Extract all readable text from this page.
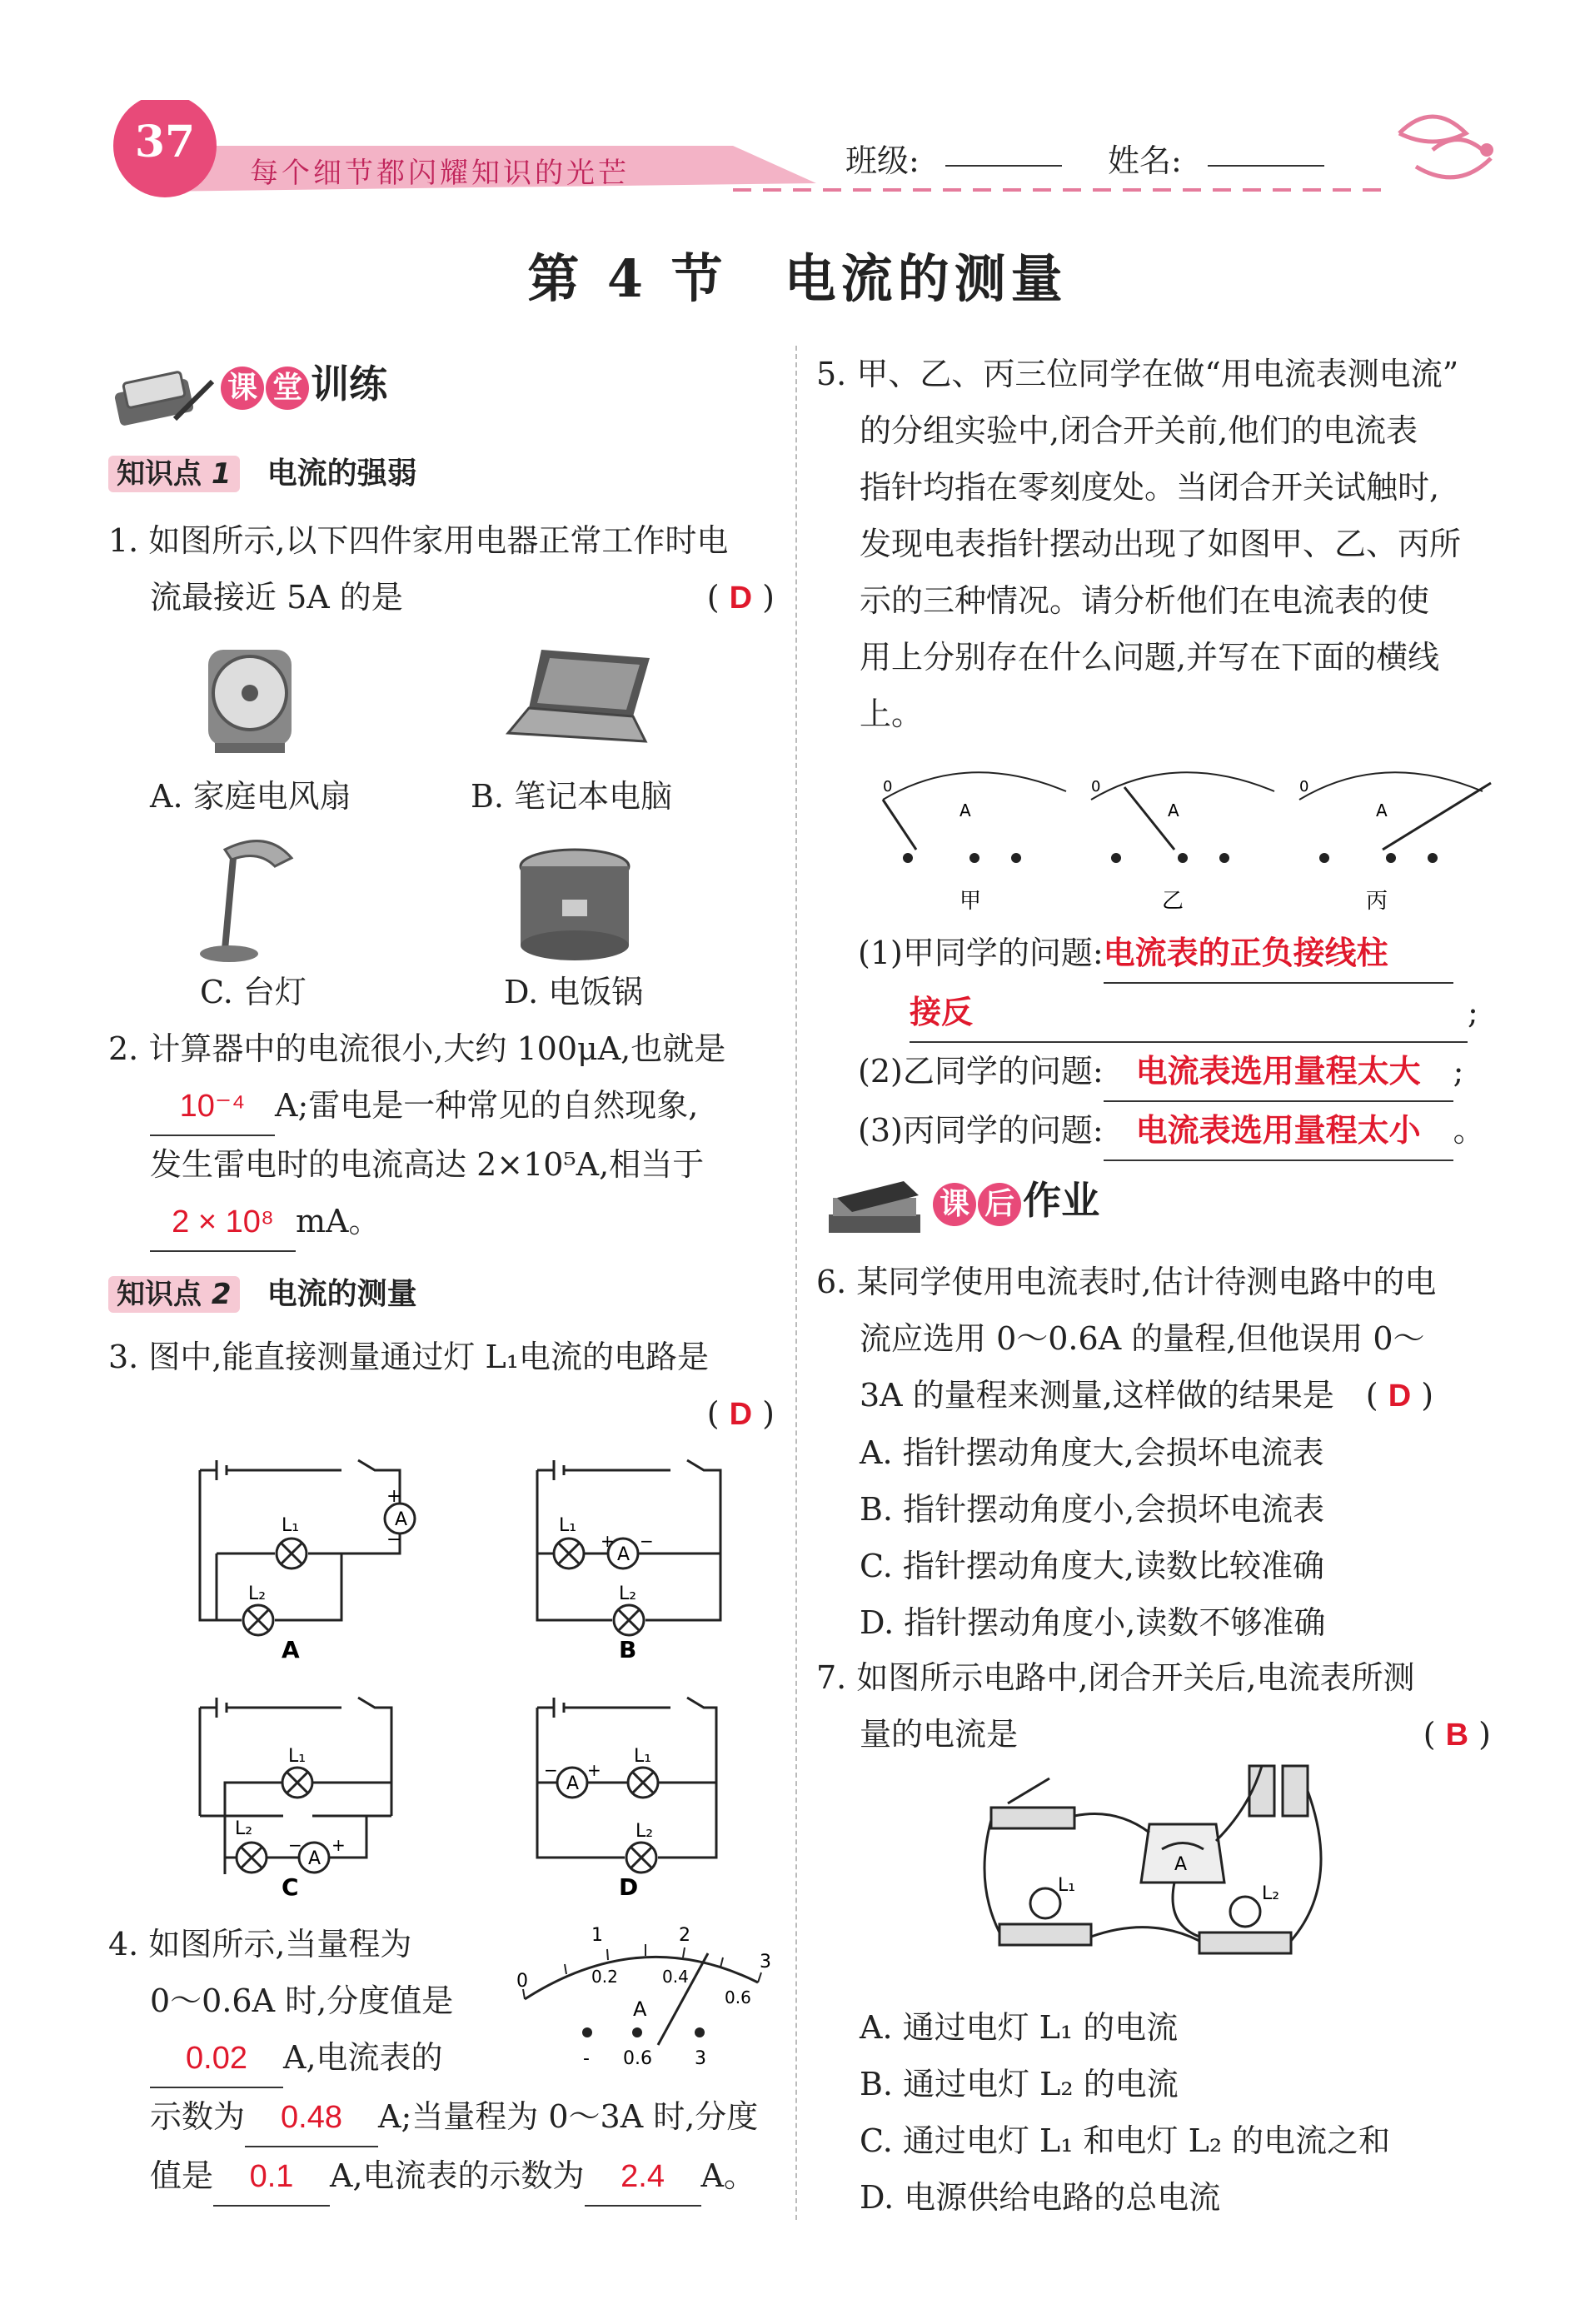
37
每个细节都闪耀知识的光芒	班级:	姓名:
第 4 节　电流的测量
课 堂 训练
知识点 1 电流的强弱
1. 如图所示,以下四件家用电器正常工作时电
流最接近 5A 的是	( D )
A. 家庭电风扇	B. 笔记本电脑
C. 台灯	D. 电饭锅
2. 计算器中的电流很小,大约 100μA,也就是
10⁻⁴ A;雷电是一种常见的自然现象,
发生雷电时的电流高达 2×10⁵A,相当于
2 × 10⁸ mA。
知识点 2 电流的测量
3. 图中,能直接测量通过灯 L₁电流的电路是
( D )
A
+
−
L₁
L₂
A
A
+ −
L₁
L₂
B
A
+
−
L₁
L₂
C
A
− +
L₁
L₂
D
4. 如图所示,当量程为
0～0.6A 时,分度值是
0.02 A,电流表的
示数为 0.48 A;当量程为 0～3A 时,分度
值是 0.1 A,电流表的示数为 2.4 A。
0
1	2
3
0.2	0.4
0.6
A
- 0.6 3
5. 甲、乙、丙三位同学在做“用电流表测电流”
的分组实验中,闭合开关前,他们的电流表
指针均指在零刻度处。当闭合开关试触时,
发现电表指针摆动出现了如图甲、乙、丙所
示的三种情况。请分析他们在电流表的使
用上分别存在什么问题,并写在下面的横线
上。
0	0	0
A	A	A
甲	乙	丙
(1)甲同学的问题:电流表的正负接线柱
接反	;
(2)乙同学的问题: 电流表选用量程太大 ;
(3)丙同学的问题: 电流表选用量程太小 。
课 后 作业
6. 某同学使用电流表时,估计待测电路中的电
流应选用 0～0.6A 的量程,但他误用 0～
3A 的量程来测量,这样做的结果是　( D )
A. 指针摆动角度大,会损坏电流表
B. 指针摆动角度小,会损坏电流表
C. 指针摆动角度大,读数比较准确
D. 指针摆动角度小,读数不够准确
7. 如图所示电路中,闭合开关后,电流表所测
量的电流是	( B )
A
L₁	L₂
A. 通过电灯 L₁ 的电流
B. 通过电灯 L₂ 的电流
C. 通过电灯 L₁ 和电灯 L₂ 的电流之和
D. 电源供给电路的总电流
